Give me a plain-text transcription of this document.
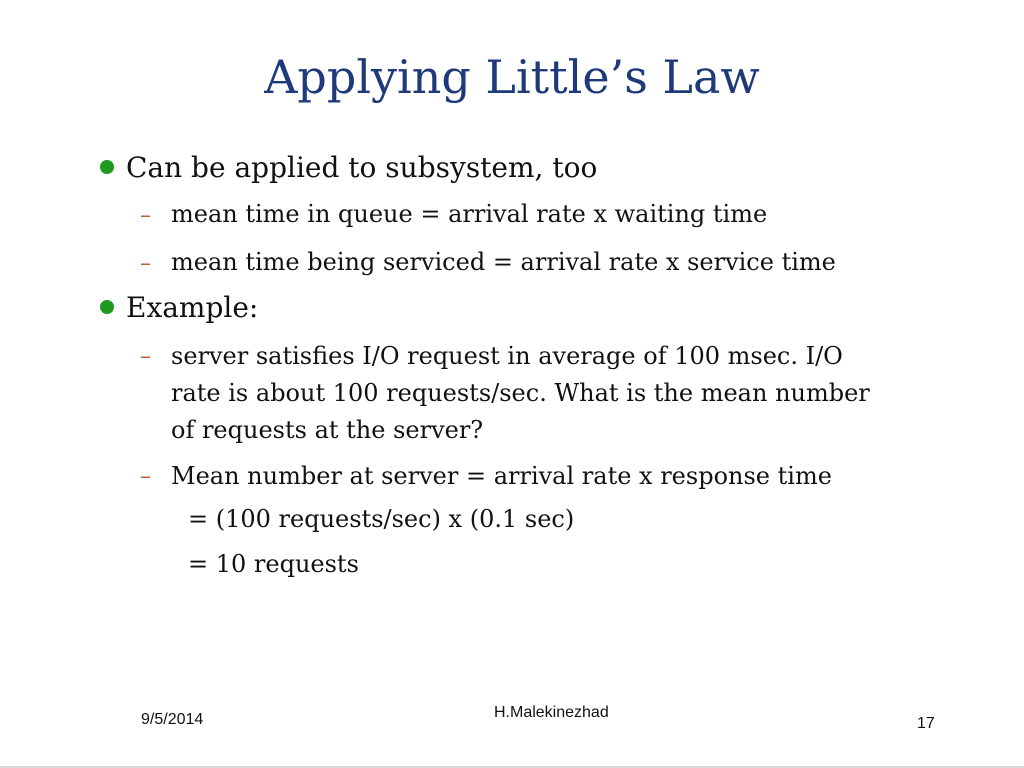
Applying Little’s Law
Can be applied to subsystem, too
– mean time in queue = arrival rate x waiting time
– mean time being serviced = arrival rate x service time
Example:
– server satisfies I/O request in average of 100 msec. I/O
rate is about 100 requests/sec. What is the mean number
of requests at the server?
– Mean number at server = arrival rate x response time
= (100 requests/sec) x (0.1 sec)
= 10 requests
9/5/2014	H.Malekinezhad
17
